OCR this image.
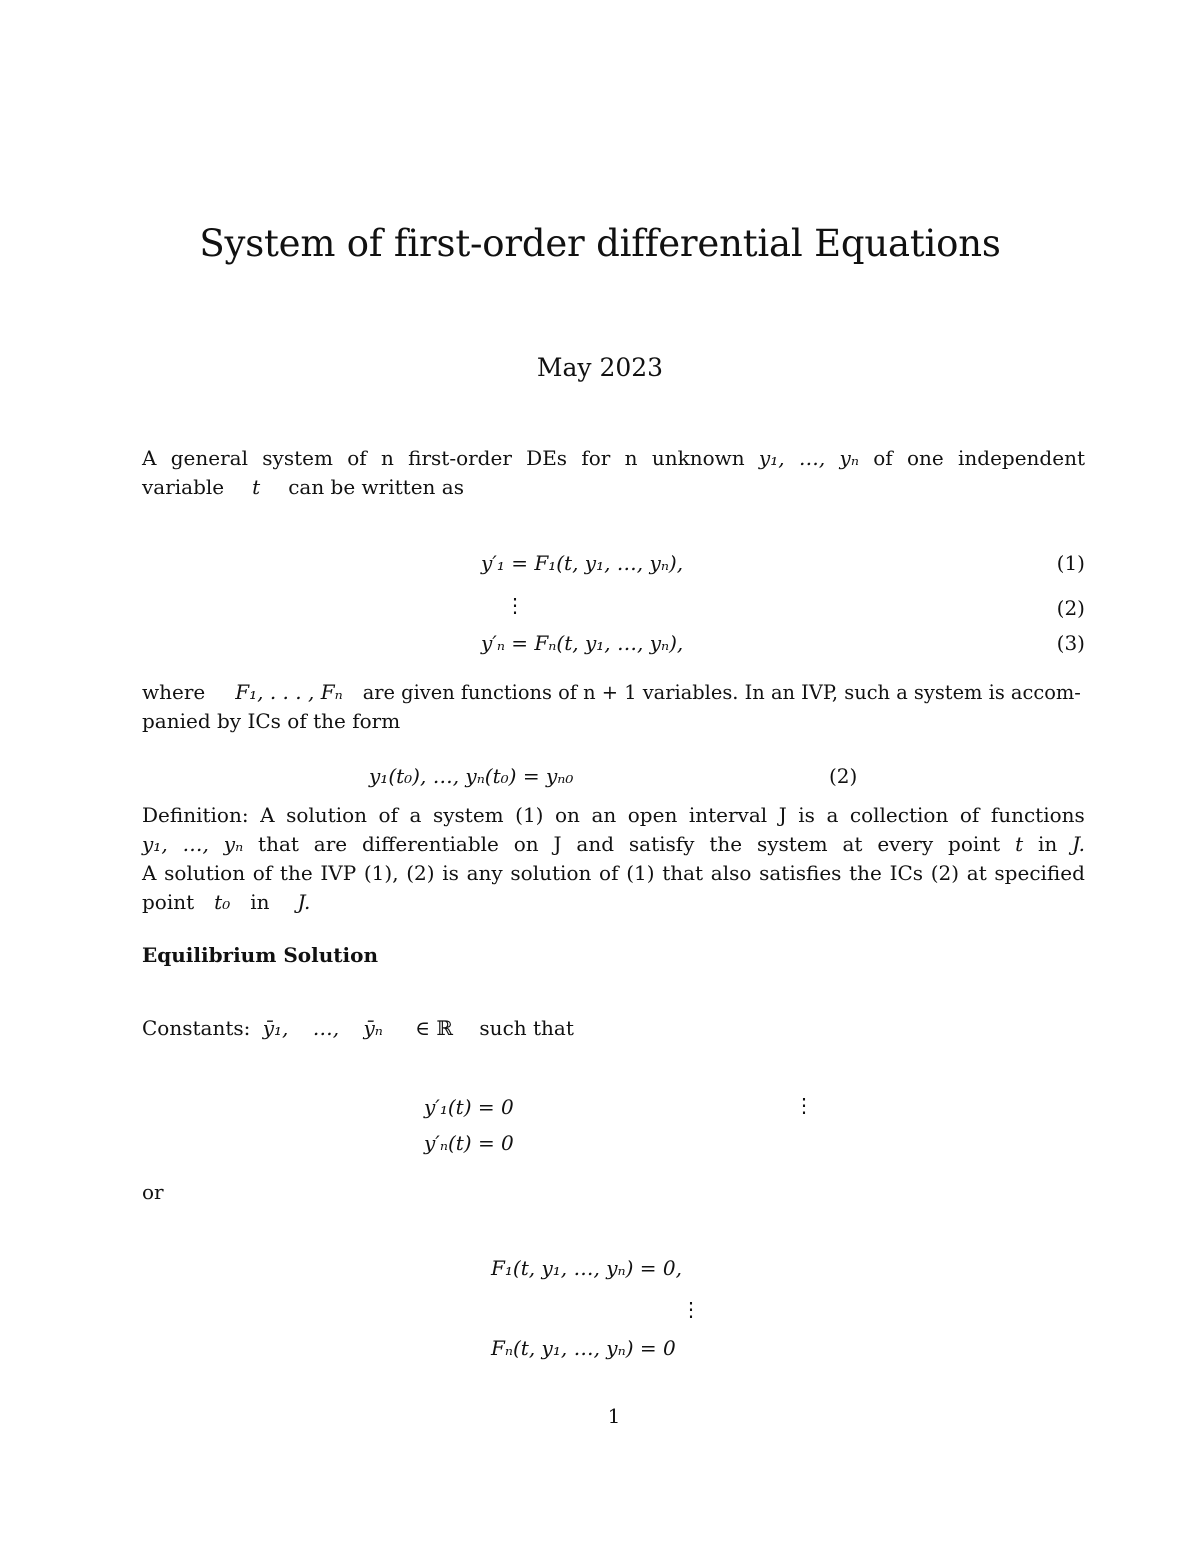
System of first-order differential Equations
May 2023
A general system of n first-order DEs for n unknown y₁, …, yₙ of one independent
variable t can be written as
y′₁ = F₁(t, y₁, …, yₙ),	(1)
⋮	(2)
y′ₙ = Fₙ(t, y₁, …, yₙ),	(3)
where F₁, . . . , Fₙ are given functions of n + 1 variables. In an IVP, such a system is accom-
panied by ICs of the form
y₁(t₀), …, yₙ(t₀) = yₙ₀	(2)
Definition: A solution of a system (1) on an open interval J is a collection of functions
y₁, …, yₙ that are differentiable on J and satisfy the system at every point t in J.
A solution of the IVP (1), (2) is any solution of (1) that also satisfies the ICs (2) at specified
point t₀ in J.
Equilibrium Solution
Constants: ȳ₁, …, ȳₙ ∈ ℝ such that
y′₁(t) = 0	⋮
y′ₙ(t) = 0
or
F₁(t, y₁, …, yₙ) = 0,
⋮
Fₙ(t, y₁, …, yₙ) = 0
1
